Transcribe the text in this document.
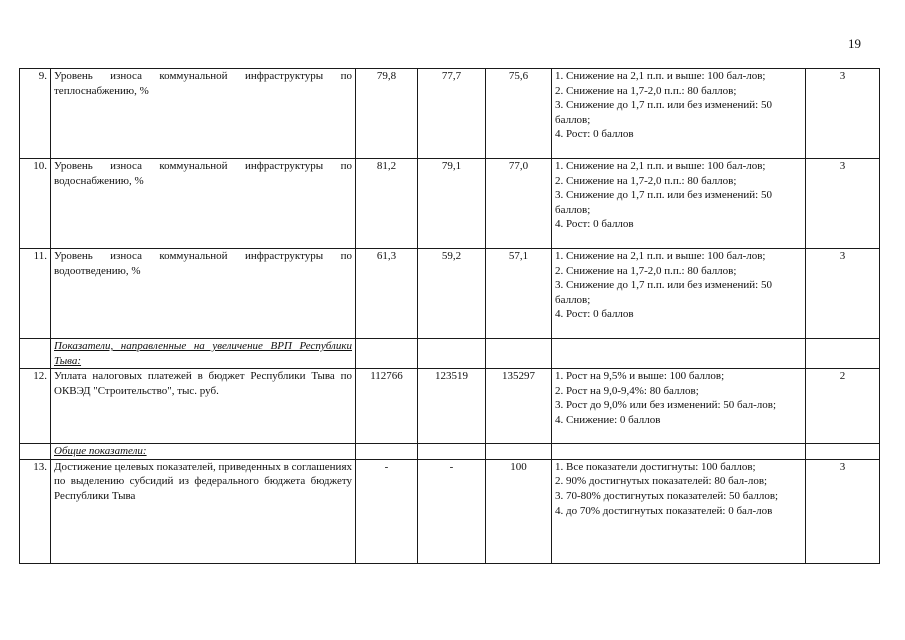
19
9.	Уровень износа коммунальной инфраструктуры по теплоснабжению, %	79,8	77,7	75,6	1. Снижение на 2,1 п.п. и выше: 100 бал-лов;
2. Снижение на 1,7-2,0 п.п.: 80 баллов;
3. Снижение до 1,7 п.п. или без изменений: 50 баллов;
4. Рост: 0 баллов	3
10.	Уровень износа коммунальной инфраструктуры по водоснабжению, %	81,2	79,1	77,0	1. Снижение на 2,1 п.п. и выше: 100 бал-лов;
2. Снижение на 1,7-2,0 п.п.: 80 баллов;
3. Снижение до 1,7 п.п. или без изменений: 50 баллов;
4. Рост: 0 баллов	3
11.	Уровень износа коммунальной инфраструктуры по водоотведению, %	61,3	59,2	57,1	1. Снижение на 2,1 п.п. и выше: 100 бал-лов;
2. Снижение на 1,7-2,0 п.п.: 80 баллов;
3. Снижение до 1,7 п.п. или без изменений: 50 баллов;
4. Рост: 0 баллов	3
	Показатели, направленные на увеличение ВРП Республики Тыва:					
12.	Уплата налоговых платежей в бюджет Республики Тыва по ОКВЭД "Строительство", тыс. руб.	112766	123519	135297	1. Рост на 9,5% и выше: 100 баллов;
2. Рост на 9,0-9,4%: 80 баллов;
3. Рост до 9,0% или без изменений: 50 бал-лов;
4. Снижение: 0 баллов	2
	Общие показатели:					
13.	Достижение целевых показателей, приведенных в соглашениях по выделению субсидий из федерального бюджета бюджету Республики Тыва	-	-	100	1. Все показатели достигнуты: 100 баллов;
2. 90% достигнутых показателей: 80 бал-лов;
3. 70-80% достигнутых показателей: 50 баллов;
4. до 70% достигнутых показателей: 0 бал-лов	3
